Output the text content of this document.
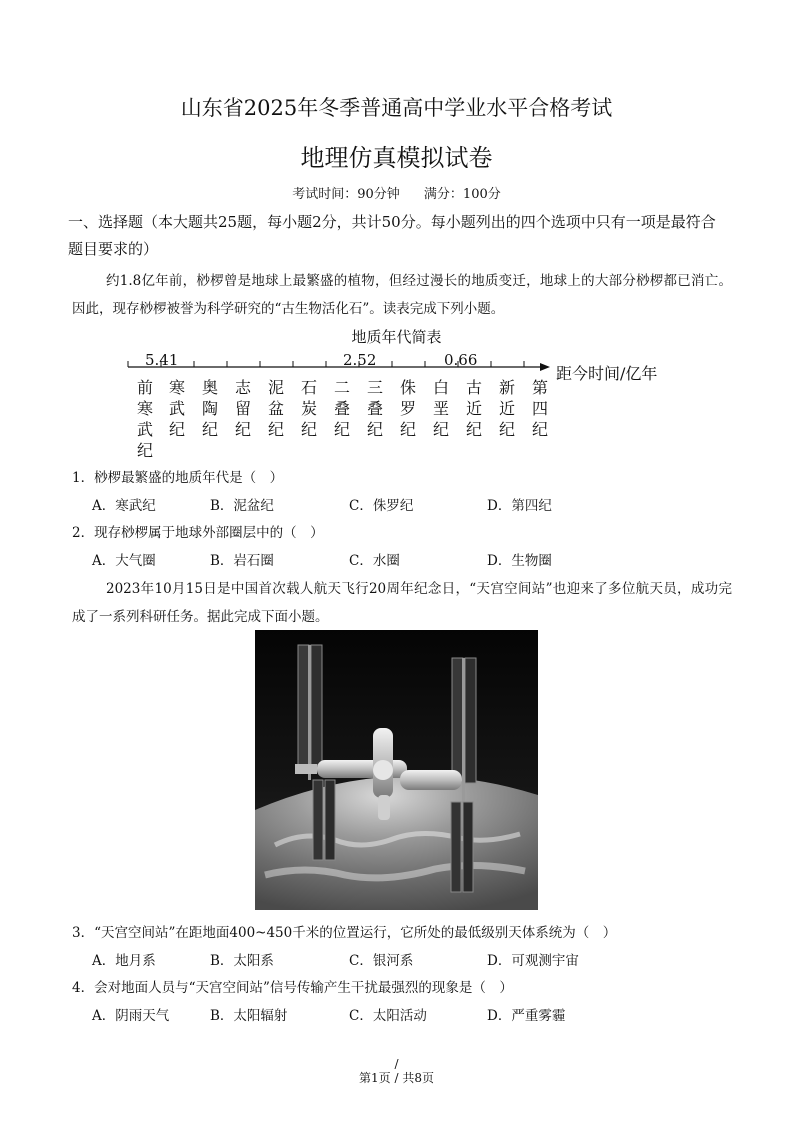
山东省2025年冬季普通高中学业水平合格考试
地理仿真模拟试卷
考试时间：90分钟 满分：100分
一、选择题（本大题共25题，每小题2分，共计50分。每小题列出的四个选项中只有一项是最符合题目要求的）
约1.8亿年前，桫椤曾是地球上最繁盛的植物，但经过漫长的地质变迁，地球上的大部分桫椤都已消亡。因此，现存桫椤被誉为科学研究的“古生物活化石”。读表完成下列小题。
地质年代简表
5.41	2.52	0.66
距今时间/亿年
前寒武纪
寒武纪
奥陶纪
志留纪
泥盆纪
石炭纪
二叠纪
三叠纪
侏罗纪
白垩纪
古近纪
新近纪
第四纪
1．桫椤最繁盛的地质年代是（　）
A．寒武纪	B．泥盆纪	C．侏罗纪	D．第四纪
2．现存桫椤属于地球外部圈层中的（　）
A．大气圈	B．岩石圈	C．水圈	D．生物圈
2023年10月15日是中国首次载人航天飞行20周年纪念日，“天宫空间站”也迎来了多位航天员，成功完成了一系列科研任务。据此完成下面小题。
3．“天宫空间站”在距地面400~450千米的位置运行，它所处的最低级别天体系统为（　）
A．地月系	B．太阳系	C．银河系	D．可观测宇宙
4．会对地面人员与“天宫空间站”信号传输产生干扰最强烈的现象是（　）
A．阴雨天气	B．太阳辐射	C．太阳活动	D．严重雾霾
/
第1页 / 共8页
